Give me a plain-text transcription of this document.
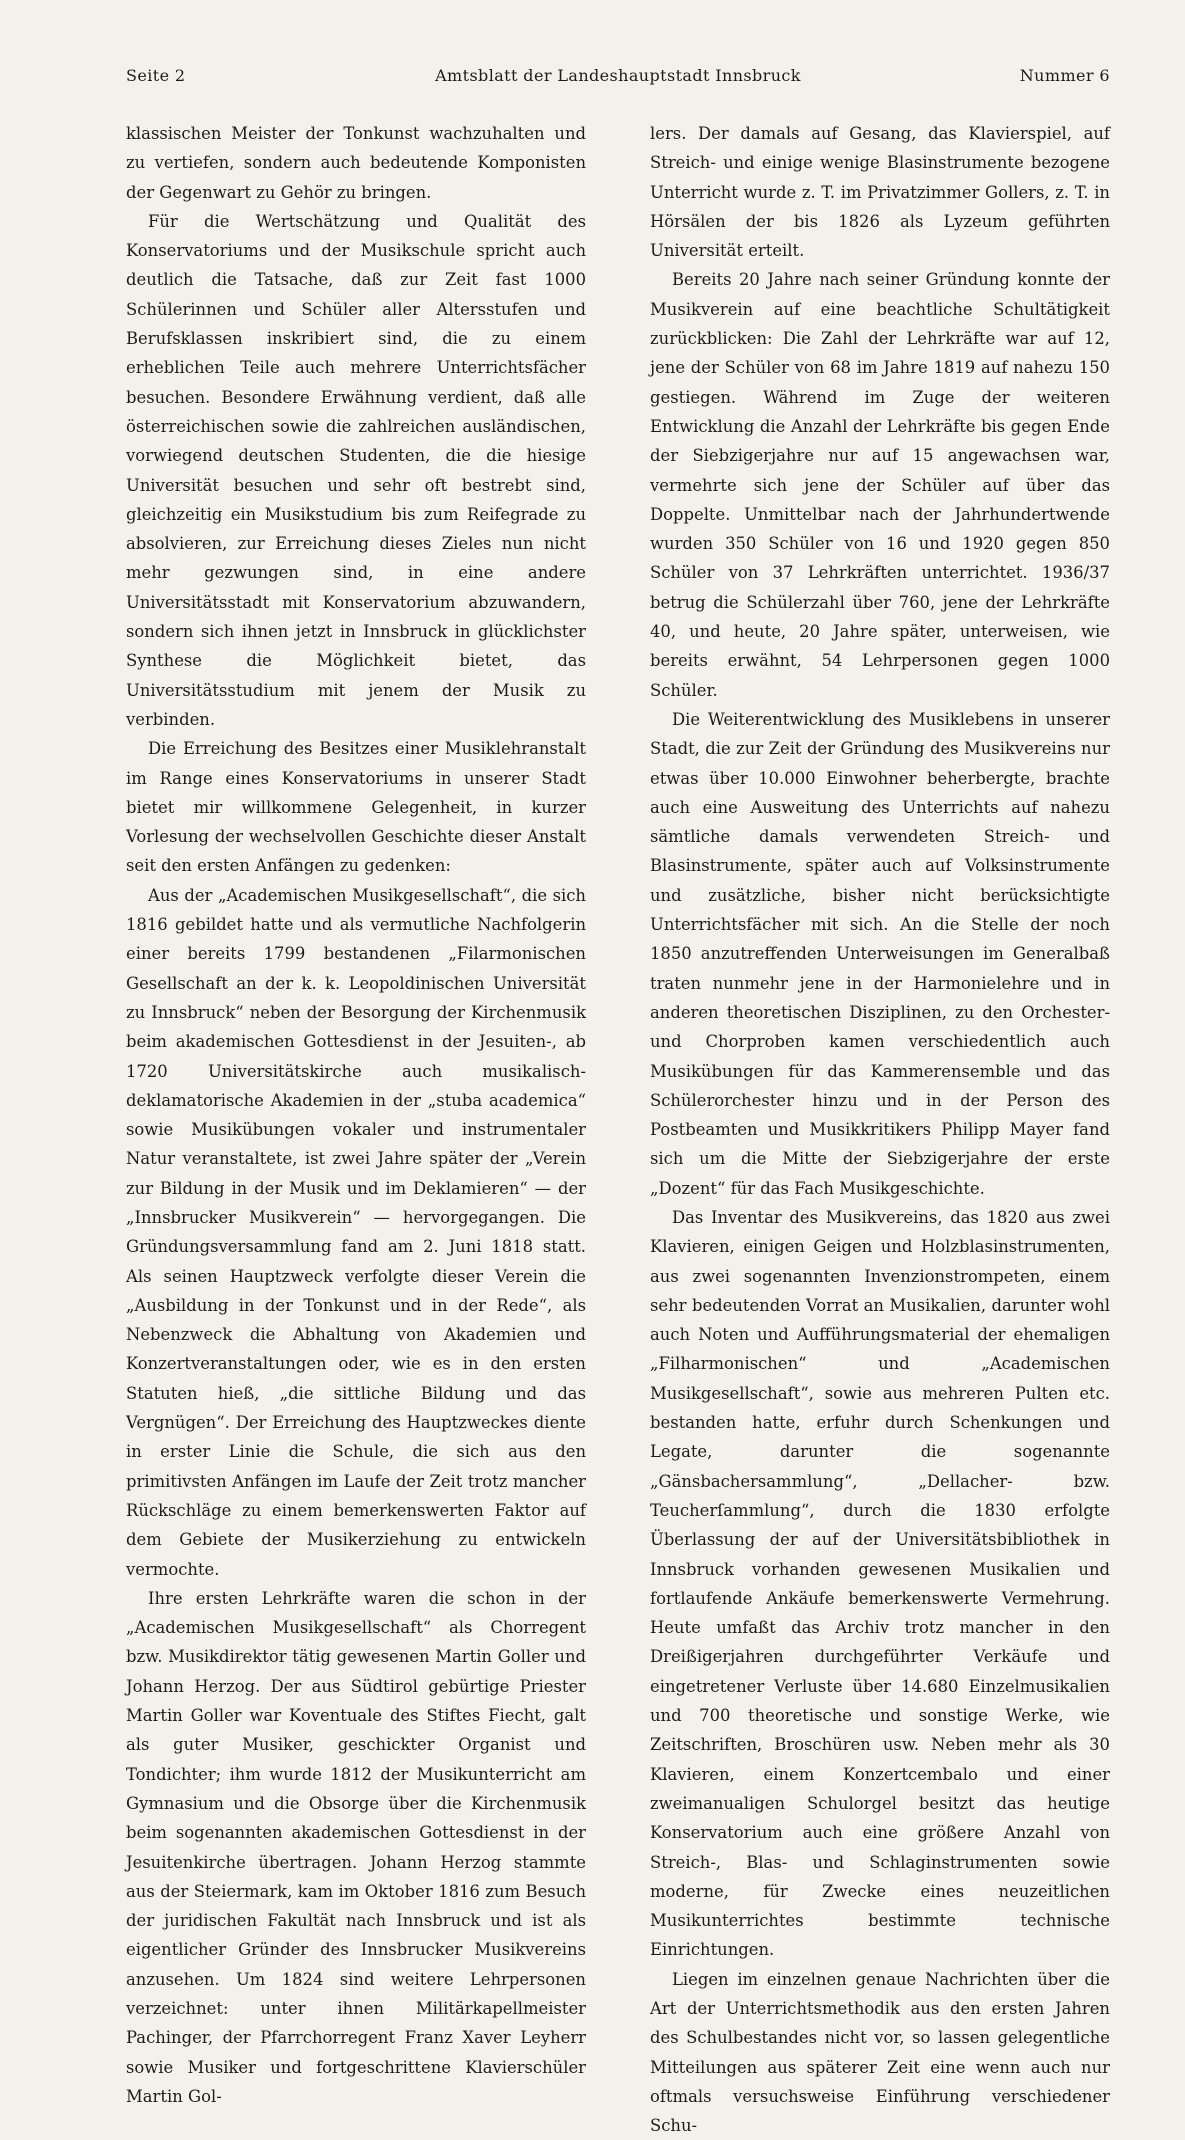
Seite 2	Amtsblatt der Landeshauptstadt Innsbruck	Nummer 6

klassischen Meister der Tonkunst wachzuhalten und zu vertiefen, sondern auch bedeutende Komponisten der Gegenwart zu Gehör zu bringen.

Für die Wertschätzung und Qualität des Konservatoriums und der Musikschule spricht auch deutlich die Tatsache, daß zur Zeit fast 1000 Schülerinnen und Schüler aller Altersstufen und Berufsklassen inskribiert sind, die zu einem erheblichen Teile auch mehrere Unterrichtsfächer besuchen. Besondere Erwähnung verdient, daß alle österreichischen sowie die zahlreichen ausländischen, vorwiegend deutschen Studenten, die die hiesige Universität besuchen und sehr oft bestrebt sind, gleichzeitig ein Musikstudium bis zum Reifegrade zu absolvieren, zur Erreichung dieses Zieles nun nicht mehr gezwungen sind, in eine andere Universitätsstadt mit Konservatorium abzuwandern, sondern sich ihnen jetzt in Innsbruck in glücklichster Synthese die Möglichkeit bietet, das Universitätsstudium mit jenem der Musik zu verbinden.

Die Erreichung des Besitzes einer Musiklehranstalt im Range eines Konservatoriums in unserer Stadt bietet mir willkommene Gelegenheit, in kurzer Vorlesung der wechselvollen Geschichte dieser Anstalt seit den ersten Anfängen zu gedenken:

Aus der „Academischen Musikgesellschaft“, die sich 1816 gebildet hatte und als vermutliche Nachfolgerin einer bereits 1799 bestandenen „Filarmonischen Gesellschaft an der k. k. Leopoldinischen Universität zu Innsbruck“ neben der Besorgung der Kirchenmusik beim akademischen Gottesdienst in der Jesuiten-, ab 1720 Universitätskirche auch musikalisch-deklamatorische Akademien in der „stuba academica“ sowie Musikübungen vokaler und instrumentaler Natur veranstaltete, ist zwei Jahre später der „Verein zur Bildung in der Musik und im Deklamieren“ — der „Innsbrucker Musikverein“ — hervorgegangen. Die Gründungsversammlung fand am 2. Juni 1818 statt. Als seinen Hauptzweck verfolgte dieser Verein die „Ausbildung in der Tonkunst und in der Rede“, als Nebenzweck die Abhaltung von Akademien und Konzertveranstaltungen oder, wie es in den ersten Statuten hieß, „die sittliche Bildung und das Vergnügen“. Der Erreichung des Hauptzweckes diente in erster Linie die Schule, die sich aus den primitivsten Anfängen im Laufe der Zeit trotz mancher Rückschläge zu einem bemerkenswerten Faktor auf dem Gebiete der Musikerziehung zu entwickeln vermochte.

Ihre ersten Lehrkräfte waren die schon in der „Academischen Musikgesellschaft“ als Chorregent bzw. Musikdirektor tätig gewesenen Martin Goller und Johann Herzog. Der aus Südtirol gebürtige Priester Martin Goller war Koventuale des Stiftes Fiecht, galt als guter Musiker, geschickter Organist und Tondichter; ihm wurde 1812 der Musikunterricht am Gymnasium und die Obsorge über die Kirchenmusik beim sogenannten akademischen Gottesdienst in der Jesuitenkirche übertragen. Johann Herzog stammte aus der Steiermark, kam im Oktober 1816 zum Besuch der juridischen Fakultät nach Innsbruck und ist als eigentlicher Gründer des Innsbrucker Musikvereins anzusehen. Um 1824 sind weitere Lehrpersonen verzeichnet: unter ihnen Militärkapellmeister Pachinger, der Pfarrchorregent Franz Xaver Leyherr sowie Musiker und fortgeschrittene Klavierschüler Martin Gol-

lers. Der damals auf Gesang, das Klavierspiel, auf Streich- und einige wenige Blasinstrumente bezogene Unterricht wurde z. T. im Privatzimmer Gollers, z. T. in Hörsälen der bis 1826 als Lyzeum geführten Universität erteilt.

Bereits 20 Jahre nach seiner Gründung konnte der Musikverein auf eine beachtliche Schultätigkeit zurückblicken: Die Zahl der Lehrkräfte war auf 12, jene der Schüler von 68 im Jahre 1819 auf nahezu 150 gestiegen. Während im Zuge der weiteren Entwicklung die Anzahl der Lehrkräfte bis gegen Ende der Siebzigerjahre nur auf 15 angewachsen war, vermehrte sich jene der Schüler auf über das Doppelte. Unmittelbar nach der Jahrhundertwende wurden 350 Schüler von 16 und 1920 gegen 850 Schüler von 37 Lehrkräften unterrichtet. 1936/37 betrug die Schülerzahl über 760, jene der Lehrkräfte 40, und heute, 20 Jahre später, unterweisen, wie bereits erwähnt, 54 Lehrpersonen gegen 1000 Schüler.

Die Weiterentwicklung des Musiklebens in unserer Stadt, die zur Zeit der Gründung des Musikvereins nur etwas über 10.000 Einwohner beherbergte, brachte auch eine Ausweitung des Unterrichts auf nahezu sämtliche damals verwendeten Streich- und Blasinstrumente, später auch auf Volksinstrumente und zusätzliche, bisher nicht berücksichtigte Unterrichtsfächer mit sich. An die Stelle der noch 1850 anzutreffenden Unterweisungen im Generalbaß traten nunmehr jene in der Harmonielehre und in anderen theoretischen Disziplinen, zu den Orchester- und Chorproben kamen verschiedentlich auch Musikübungen für das Kammerensemble und das Schülerorchester hinzu und in der Person des Postbeamten und Musikkritikers Philipp Mayer fand sich um die Mitte der Siebzigerjahre der erste „Dozent“ für das Fach Musikgeschichte.

Das Inventar des Musikvereins, das 1820 aus zwei Klavieren, einigen Geigen und Holzblasinstrumenten, aus zwei sogenannten Invenzionstrompeten, einem sehr bedeutenden Vorrat an Musikalien, darunter wohl auch Noten und Aufführungsmaterial der ehemaligen „Filharmonischen“ und „Academischen Musikgesellschaft“, sowie aus mehreren Pulten etc. bestanden hatte, erfuhr durch Schenkungen und Legate, darunter die sogenannte „Gänsbachersammlung“, „Dellacher- bzw. Teucherſammlung“, durch die 1830 erfolgte Überlassung der auf der Universitätsbibliothek in Innsbruck vorhanden gewesenen Musikalien und fortlaufende Ankäufe bemerkenswerte Vermehrung. Heute umfaßt das Archiv trotz mancher in den Dreißigerjahren durchgeführter Verkäufe und eingetretener Verluste über 14.680 Einzelmusikalien und 700 theoretische und sonstige Werke, wie Zeitschriften, Broschüren usw. Neben mehr als 30 Klavieren, einem Konzertcembalo und einer zweimanualigen Schulorgel besitzt das heutige Konservatorium auch eine größere Anzahl von Streich-, Blas- und Schlaginstrumenten sowie moderne, für Zwecke eines neuzeitlichen Musikunterrichtes bestimmte technische Einrichtungen.

Liegen im einzelnen genaue Nachrichten über die Art der Unterrichtsmethodik aus den ersten Jahren des Schulbestandes nicht vor, so lassen gelegentliche Mitteilungen aus späterer Zeit eine wenn auch nur oftmals versuchsweise Einführung verschiedener Schu-
